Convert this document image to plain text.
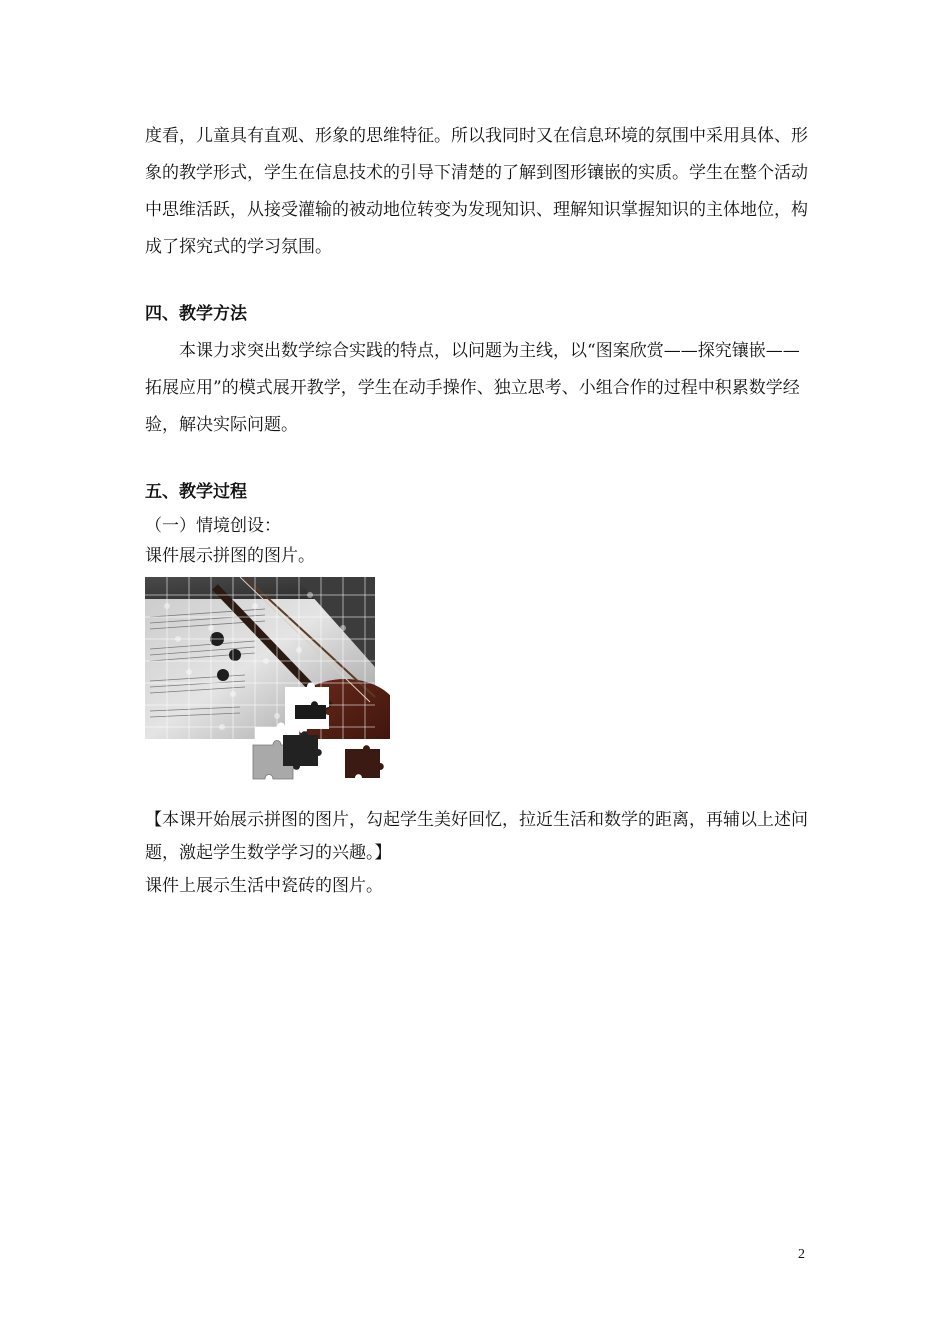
度看，儿童具有直观、形象的思维特征。所以我同时又在信息环境的氛围中采用具体、形象的教学形式，学生在信息技术的引导下清楚的了解到图形镶嵌的实质。学生在整个活动中思维活跃，从接受灌输的被动地位转变为发现知识、理解知识掌握知识的主体地位，构成了探究式的学习氛围。

四、教学方法

本课力求突出数学综合实践的特点，以问题为主线，以“图案欣赏——探究镶嵌——拓展应用”的模式展开教学，学生在动手操作、独立思考、小组合作的过程中积累数学经验，解决实际问题。

五、教学过程

（一）情境创设：

课件展示拼图的图片。

【本课开始展示拼图的图片，勾起学生美好回忆，拉近生活和数学的距离，再辅以上述问题，激起学生数学学习的兴趣。】

课件上展示生活中瓷砖的图片。

2
